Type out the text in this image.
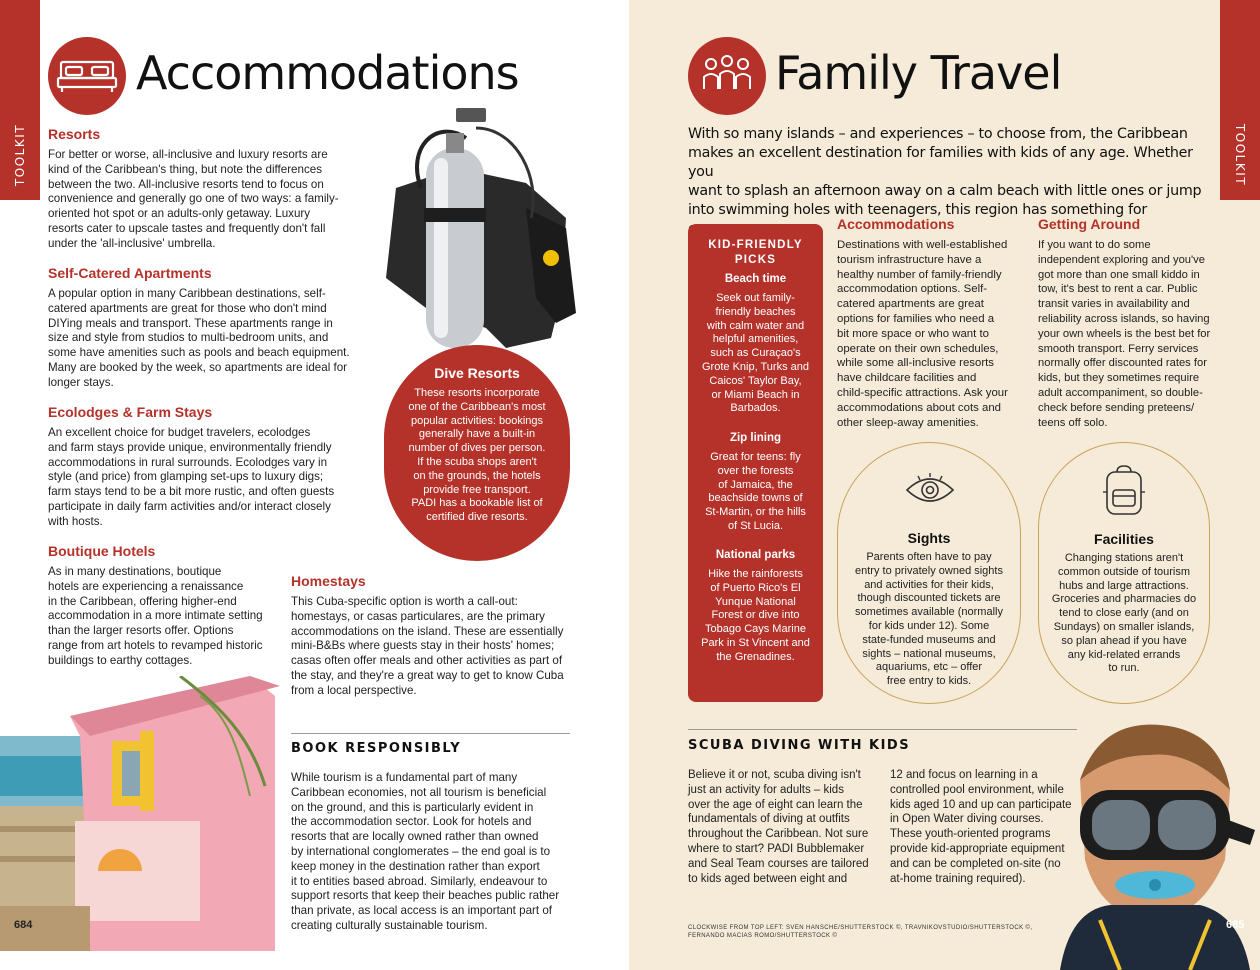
TOOLKIT
Accommodations
Resorts
For better or worse, all-inclusive and luxury resorts are
kind of the Caribbean's thing, but note the differences
between the two. All-inclusive resorts tend to focus on
convenience and generally go one of two ways: a family-
oriented hot spot or an adults-only getaway. Luxury
resorts cater to upscale tastes and frequently don't fall
under the 'all-inclusive' umbrella.
Self-Catered Apartments
A popular option in many Caribbean destinations, self-
catered apartments are great for those who don't mind
DIYing meals and transport. These apartments range in
size and style from studios to multi-bedroom units, and
some have amenities such as pools and beach equipment.
Many are booked by the week, so apartments are ideal for
longer stays.
Ecolodges & Farm Stays
An excellent choice for budget travelers, ecolodges
and farm stays provide unique, environmentally friendly
accommodations in rural surrounds. Ecolodges vary in
style (and price) from glamping set-ups to luxury digs;
farm stays tend to be a bit more rustic, and often guests
participate in daily farm activities and/or interact closely
with hosts.
Boutique Hotels
As in many destinations, boutique
hotels are experiencing a renaissance
in the Caribbean, offering higher-end
accommodation in a more intimate setting
than the larger resorts offer. Options
range from art hotels to revamped historic
buildings to earthy cottages.
Dive Resorts
These resorts incorporate
one of the Caribbean's most
popular activities: bookings
generally have a built-in
number of dives per person.
If the scuba shops aren't
on the grounds, the hotels
provide free transport.
PADI has a bookable list of
certified dive resorts.
Homestays
This Cuba-specific option is worth a call-out:
homestays, or casas particulares, are the primary
accommodations on the island. These are essentially
mini-B&Bs where guests stay in their hosts' homes;
casas often offer meals and other activities as part of
the stay, and they're a great way to get to know Cuba
from a local perspective.
684
BOOK RESPONSIBLY
While tourism is a fundamental part of many
Caribbean economies, not all tourism is beneficial
on the ground, and this is particularly evident in
the accommodation sector. Look for hotels and
resorts that are locally owned rather than owned
by international conglomerates – the end goal is to
keep money in the destination rather than export
it to entities based abroad. Similarly, endeavour to
support resorts that keep their beaches public rather
than private, as local access is an important part of
creating culturally sustainable tourism.
TOOLKIT
Family Travel
With so many islands – and experiences – to choose from, the Caribbean
makes an excellent destination for families with kids of any age. Whether you
want to splash an afternoon away on a calm beach with little ones or jump
into swimming holes with teenagers, this region has something for
KID-FRIENDLY
PICKS
Beach time
Seek out family-
friendly beaches
with calm water and
helpful amenities,
such as Curaçao's
Grote Knip, Turks and
Caicos' Taylor Bay,
or Miami Beach in
Barbados.
Zip lining
Great for teens: fly
over the forests
of Jamaica, the
beachside towns of
St-Martin, or the hills
of St Lucia.
National parks
Hike the rainforests
of Puerto Rico's El
Yunque National
Forest or dive into
Tobago Cays Marine
Park in St Vincent and
the Grenadines.
Accommodations
Destinations with well-established
tourism infrastructure have a
healthy number of family-friendly
accommodation options. Self-
catered apartments are great
options for families who need a
bit more space or who want to
operate on their own schedules,
while some all-inclusive resorts
have childcare facilities and
child-specific attractions. Ask your
accommodations about cots and
other sleep-away amenities.
Getting Around
If you want to do some
independent exploring and you've
got more than one small kiddo in
tow, it's best to rent a car. Public
transit varies in availability and
reliability across islands, so having
your own wheels is the best bet for
smooth transport. Ferry services
normally offer discounted rates for
kids, but they sometimes require
adult accompaniment, so double-
check before sending preteens/
teens off solo.
Sights
Parents often have to pay
entry to privately owned sights
and activities for their kids,
though discounted tickets are
sometimes available (normally
for kids under 12). Some
state-funded museums and
sights – national museums,
aquariums, etc – offer
free entry to kids.
Facilities
Changing stations aren't
common outside of tourism
hubs and large attractions.
Groceries and pharmacies do
tend to close early (and on
Sundays) on smaller islands,
so plan ahead if you have
any kid-related errands
to run.
SCUBA DIVING WITH KIDS
Believe it or not, scuba diving isn't
just an activity for adults – kids
over the age of eight can learn the
fundamentals of diving at outfits
throughout the Caribbean. Not sure
where to start? PADI Bubblemaker
and Seal Team courses are tailored
to kids aged between eight and
12 and focus on learning in a
controlled pool environment, while
kids aged 10 and up can participate
in Open Water diving courses.
These youth-oriented programs
provide kid-appropriate equipment
and can be completed on-site (no
at-home training required).
685
CLOCKWISE FROM TOP LEFT: SVEN HANSCHE/SHUTTERSTOCK ©, TRAVNIKOVSTUDIO/SHUTTERSTOCK ©,
FERNANDO MACIAS ROMO/SHUTTERSTOCK ©
